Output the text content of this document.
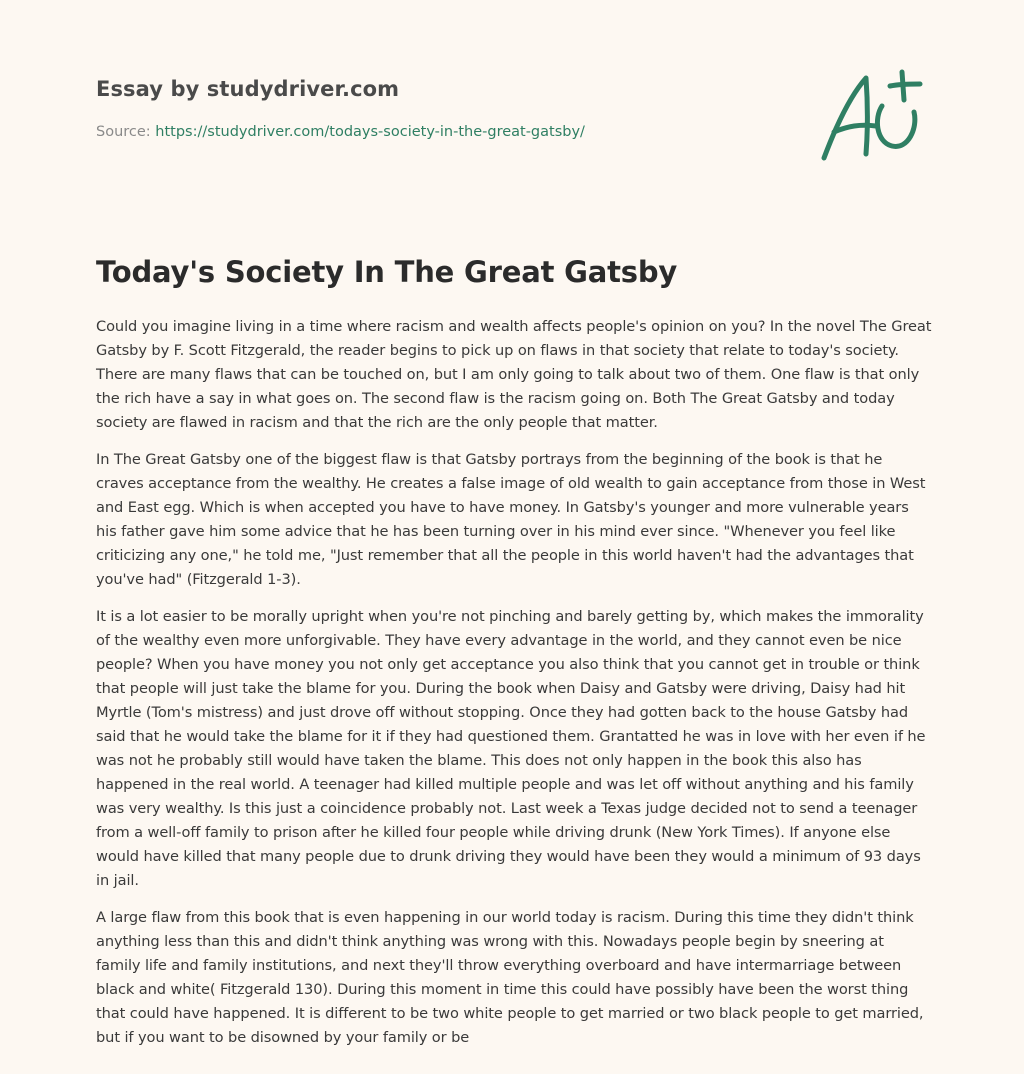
Essay by studydriver.com
Source: https://studydriver.com/todays-society-in-the-great-gatsby/
Today's Society In The Great Gatsby

Could you imagine living in a time where racism and wealth affects people's opinion on you? In the novel The Great Gatsby by F. Scott Fitzgerald, the reader begins to pick up on flaws in that society that relate to today's society. There are many flaws that can be touched on, but I am only going to talk about two of them. One flaw is that only the rich have a say in what goes on. The second flaw is the racism going on. Both The Great Gatsby and today society are flawed in racism and that the rich are the only people that matter.

In The Great Gatsby one of the biggest flaw is that Gatsby portrays from the beginning of the book is that he craves acceptance from the wealthy. He creates a false image of old wealth to gain acceptance from those in West and East egg. Which is when accepted you have to have money. In Gatsby's younger and more vulnerable years his father gave him some advice that he has been turning over in his mind ever since. "Whenever you feel like criticizing any one," he told me, "Just remember that all the people in this world haven't had the advantages that you've had" (Fitzgerald 1-3).

It is a lot easier to be morally upright when you're not pinching and barely getting by, which makes the immorality of the wealthy even more unforgivable. They have every advantage in the world, and they cannot even be nice people? When you have money you not only get acceptance you also think that you cannot get in trouble or think that people will just take the blame for you. During the book when Daisy and Gatsby were driving, Daisy had hit Myrtle (Tom's mistress) and just drove off without stopping. Once they had gotten back to the house Gatsby had said that he would take the blame for it if they had questioned them. Grantatted he was in love with her even if he was not he probably still would have taken the blame. This does not only happen in the book this also has happened in the real world. A teenager had killed multiple people and was let off without anything and his family was very wealthy. Is this just a coincidence probably not. Last week a Texas judge decided not to send a teenager from a well-off family to prison after he killed four people while driving drunk (New York Times). If anyone else would have killed that many people due to drunk driving they would have been they would a minimum of 93 days in jail.

A large flaw from this book that is even happening in our world today is racism. During this time they didn't think anything less than this and didn't think anything was wrong with this. Nowadays people begin by sneering at family life and family institutions, and next they'll throw everything overboard and have intermarriage between black and white( Fitzgerald 130). During this moment in time this could have possibly have been the worst thing that could have happened. It is different to be two white people to get married or two black people to get married, but if you want to be disowned by your family or be
